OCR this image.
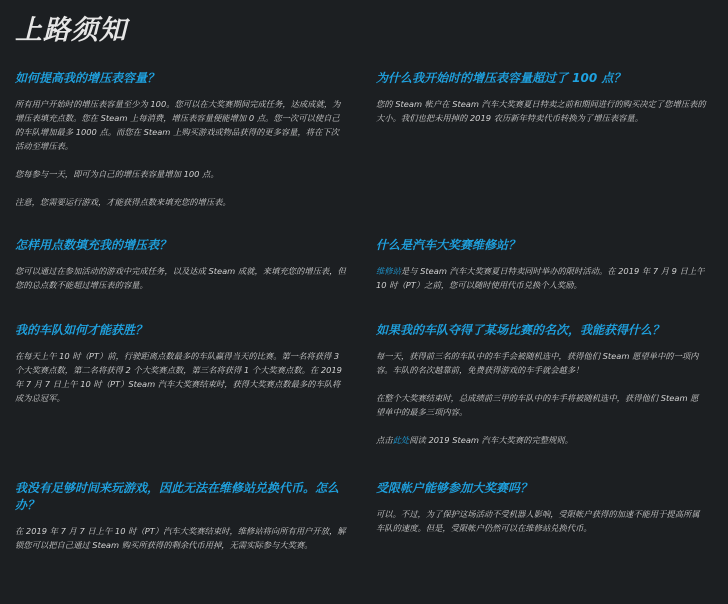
上路须知
如何提高我的增压表容量？
所有用户开始时的增压表容量至少为 100。您可以在大奖赛期间完成任务，达成成就，为增压表填充点数。您在 Steam 上每消费，增压表容量便能增加 0 点。您一次可以使自己的车队增加最多 1000 点。而您在 Steam 上购买游戏或物品获得的更多容量，将在下次活动至增压表。
您每参与一天，即可为自己的增压表容量增加 100 点。
注意，您需要运行游戏，才能获得点数来填充您的增压表。
为什么我开始时的增压表容量超过了 100 点？
您的 Steam 帐户在 Steam 汽车大奖赛夏日特卖之前和期间进行的购买决定了您增压表的大小。我们也把未用掉的 2019 农历新年特卖代币转换为了增压表容量。
怎样用点数填充我的增压表？
您可以通过在参加活动的游戏中完成任务，以及达成 Steam 成就，来填充您的增压表，但您的总点数不能超过增压表的容量。
什么是汽车大奖赛维修站？
维修站是与 Steam 汽车大奖赛夏日特卖同时举办的限时活动。在 2019 年 7 月 9 日上午 10 时（PT）之前，您可以随时使用代币兑换个人奖励。
我的车队如何才能获胜？
在每天上午 10 时（PT）前，行驶距离点数最多的车队赢得当天的比赛。第一名将获得 3 个大奖赛点数，第二名将获得 2 个大奖赛点数，第三名将获得 1 个大奖赛点数。在 2019 年 7 月 7 日上午 10 时（PT）Steam 汽车大奖赛结束时，获得大奖赛点数最多的车队将成为总冠军。
如果我的车队夺得了某场比赛的名次，我能获得什么？
每一天，获得前三名的车队中的车手会被随机选中，获得他们 Steam 愿望单中的一项内容。车队的名次越靠前，免费获得游戏的车手就会越多！
在整个大奖赛结束时，总成绩前三甲的车队中的车手将被随机选中，获得他们 Steam 愿望单中的最多三项内容。
点击此处阅读 2019 Steam 汽车大奖赛的完整规则。
我没有足够时间来玩游戏，因此无法在维修站兑换代币。怎么办？
在 2019 年 7 月 7 日上午 10 时（PT）汽车大奖赛结束时，维修站将向所有用户开放，解锁您可以把自己通过 Steam 购买所获得的剩余代币用掉，无需实际参与大奖赛。
受限帐户能够参加大奖赛吗？
可以。不过，为了保护这场活动不受机器人影响，受限帐户获得的加速不能用于提高所属车队的速度。但是，受限帐户仍然可以在维修站兑换代币。
